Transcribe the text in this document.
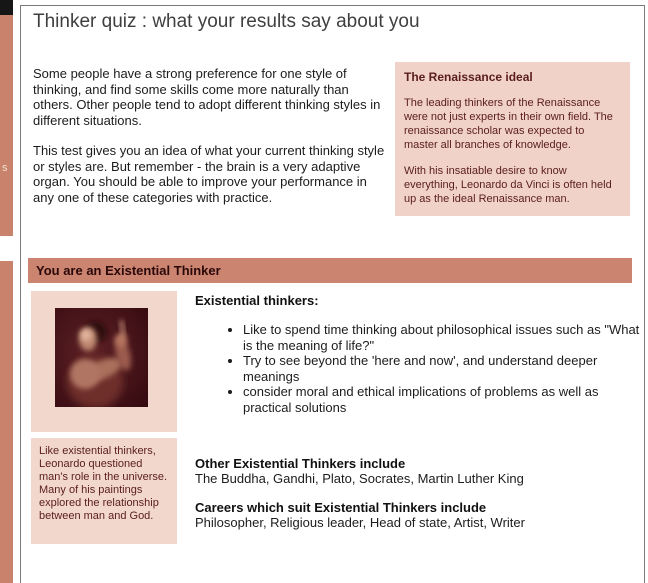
s
Thinker quiz : what your results say about you

Some people have a strong preference for one style of thinking, and find some skills come more naturally than others. Other people tend to adopt different thinking styles in different situations.

This test gives you an idea of what your current thinking style or styles are. But remember - the brain is a very adaptive organ. You should be able to improve your performance in any one of these categories with practice.

The Renaissance ideal

The leading thinkers of the Renaissance were not just experts in their own field. The renaissance scholar was expected to master all branches of knowledge.

With his insatiable desire to know everything, Leonardo da Vinci is often held up as the ideal Renaissance man.

You are an Existential Thinker
Like existential thinkers, Leonardo questioned man's role in the universe. Many of his paintings explored the relationship between man and God.
Existential thinkers:
• Like to spend time thinking about philosophical issues such as "What is the meaning of life?"
• Try to see beyond the 'here and now', and understand deeper meanings
• consider moral and ethical implications of problems as well as practical solutions
Other Existential Thinkers include
The Buddha, Gandhi, Plato, Socrates, Martin Luther King
Careers which suit Existential Thinkers include
Philosopher, Religious leader, Head of state, Artist, Writer
